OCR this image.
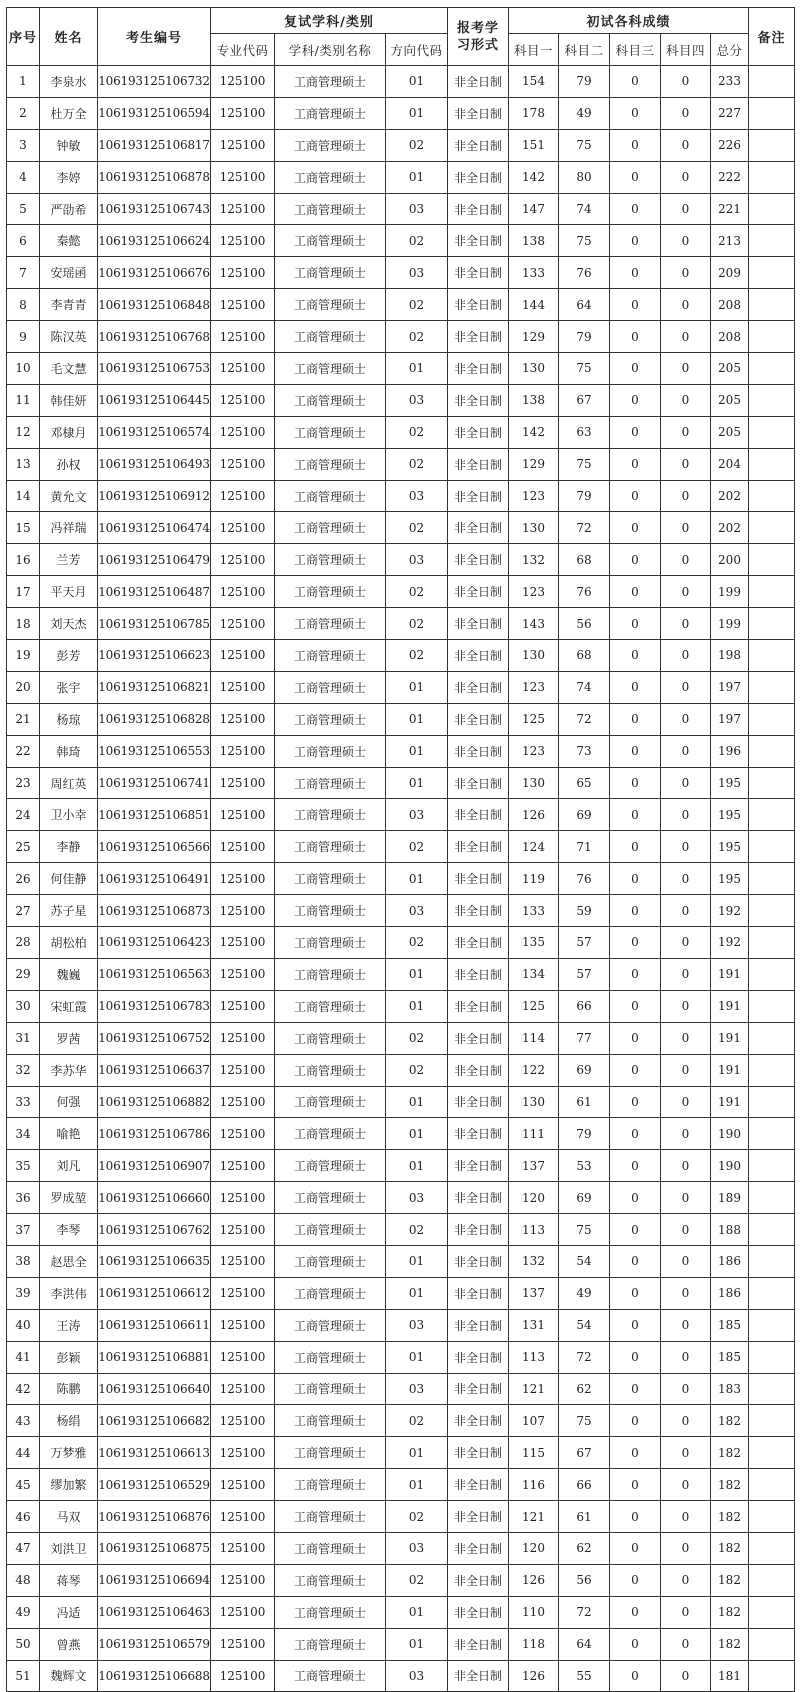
序号	姓名	考生编号	复试学科/类别			报考学习形式	初试各科成绩					备注
			专业代码	学科/类别名称	方向代码		科目一	科目二	科目三	科目四	总分	
1	李泉水	106193125106732	125100	工商管理硕士	01	非全日制	154	79	0	0	233	
2	杜万全	106193125106594	125100	工商管理硕士	01	非全日制	178	49	0	0	227	
3	钟敏	106193125106817	125100	工商管理硕士	02	非全日制	151	75	0	0	226	
4	李婷	106193125106878	125100	工商管理硕士	01	非全日制	142	80	0	0	222	
5	严劭希	106193125106743	125100	工商管理硕士	03	非全日制	147	74	0	0	221	
6	秦懿	106193125106624	125100	工商管理硕士	02	非全日制	138	75	0	0	213	
7	安瑶函	106193125106676	125100	工商管理硕士	03	非全日制	133	76	0	0	209	
8	李青青	106193125106848	125100	工商管理硕士	02	非全日制	144	64	0	0	208	
9	陈汉英	106193125106768	125100	工商管理硕士	02	非全日制	129	79	0	0	208	
10	毛文慧	106193125106753	125100	工商管理硕士	01	非全日制	130	75	0	0	205	
11	韩佳妍	106193125106445	125100	工商管理硕士	03	非全日制	138	67	0	0	205	
12	邓棣月	106193125106574	125100	工商管理硕士	02	非全日制	142	63	0	0	205	
13	孙权	106193125106493	125100	工商管理硕士	02	非全日制	129	75	0	0	204	
14	黄允文	106193125106912	125100	工商管理硕士	03	非全日制	123	79	0	0	202	
15	冯祥瑞	106193125106474	125100	工商管理硕士	02	非全日制	130	72	0	0	202	
16	兰芳	106193125106479	125100	工商管理硕士	03	非全日制	132	68	0	0	200	
17	平天月	106193125106487	125100	工商管理硕士	02	非全日制	123	76	0	0	199	
18	刘天杰	106193125106785	125100	工商管理硕士	02	非全日制	143	56	0	0	199	
19	彭芳	106193125106623	125100	工商管理硕士	02	非全日制	130	68	0	0	198	
20	张宇	106193125106821	125100	工商管理硕士	01	非全日制	123	74	0	0	197	
21	杨琼	106193125106828	125100	工商管理硕士	01	非全日制	125	72	0	0	197	
22	韩琦	106193125106553	125100	工商管理硕士	01	非全日制	123	73	0	0	196	
23	周红英	106193125106741	125100	工商管理硕士	01	非全日制	130	65	0	0	195	
24	卫小幸	106193125106851	125100	工商管理硕士	03	非全日制	126	69	0	0	195	
25	李静	106193125106566	125100	工商管理硕士	02	非全日制	124	71	0	0	195	
26	何佳静	106193125106491	125100	工商管理硕士	01	非全日制	119	76	0	0	195	
27	苏子星	106193125106873	125100	工商管理硕士	03	非全日制	133	59	0	0	192	
28	胡松柏	106193125106423	125100	工商管理硕士	02	非全日制	135	57	0	0	192	
29	魏巍	106193125106563	125100	工商管理硕士	01	非全日制	134	57	0	0	191	
30	宋虹霞	106193125106783	125100	工商管理硕士	01	非全日制	125	66	0	0	191	
31	罗茜	106193125106752	125100	工商管理硕士	02	非全日制	114	77	0	0	191	
32	李苏华	106193125106637	125100	工商管理硕士	02	非全日制	122	69	0	0	191	
33	何强	106193125106882	125100	工商管理硕士	01	非全日制	130	61	0	0	191	
34	喻艳	106193125106786	125100	工商管理硕士	01	非全日制	111	79	0	0	190	
35	刘凡	106193125106907	125100	工商管理硕士	01	非全日制	137	53	0	0	190	
36	罗成堃	106193125106660	125100	工商管理硕士	03	非全日制	120	69	0	0	189	
37	李琴	106193125106762	125100	工商管理硕士	02	非全日制	113	75	0	0	188	
38	赵思全	106193125106635	125100	工商管理硕士	01	非全日制	132	54	0	0	186	
39	李洪伟	106193125106612	125100	工商管理硕士	01	非全日制	137	49	0	0	186	
40	王涛	106193125106611	125100	工商管理硕士	03	非全日制	131	54	0	0	185	
41	彭颖	106193125106881	125100	工商管理硕士	01	非全日制	113	72	0	0	185	
42	陈鹏	106193125106640	125100	工商管理硕士	03	非全日制	121	62	0	0	183	
43	杨绢	106193125106682	125100	工商管理硕士	02	非全日制	107	75	0	0	182	
44	万梦雅	106193125106613	125100	工商管理硕士	01	非全日制	115	67	0	0	182	
45	缪加繁	106193125106529	125100	工商管理硕士	01	非全日制	116	66	0	0	182	
46	马双	106193125106876	125100	工商管理硕士	02	非全日制	121	61	0	0	182	
47	刘洪卫	106193125106875	125100	工商管理硕士	03	非全日制	120	62	0	0	182	
48	蒋琴	106193125106694	125100	工商管理硕士	02	非全日制	126	56	0	0	182	
49	冯适	106193125106463	125100	工商管理硕士	01	非全日制	110	72	0	0	182	
50	曾燕	106193125106579	125100	工商管理硕士	01	非全日制	118	64	0	0	182	
51	魏辉文	106193125106688	125100	工商管理硕士	03	非全日制	126	55	0	0	181	
